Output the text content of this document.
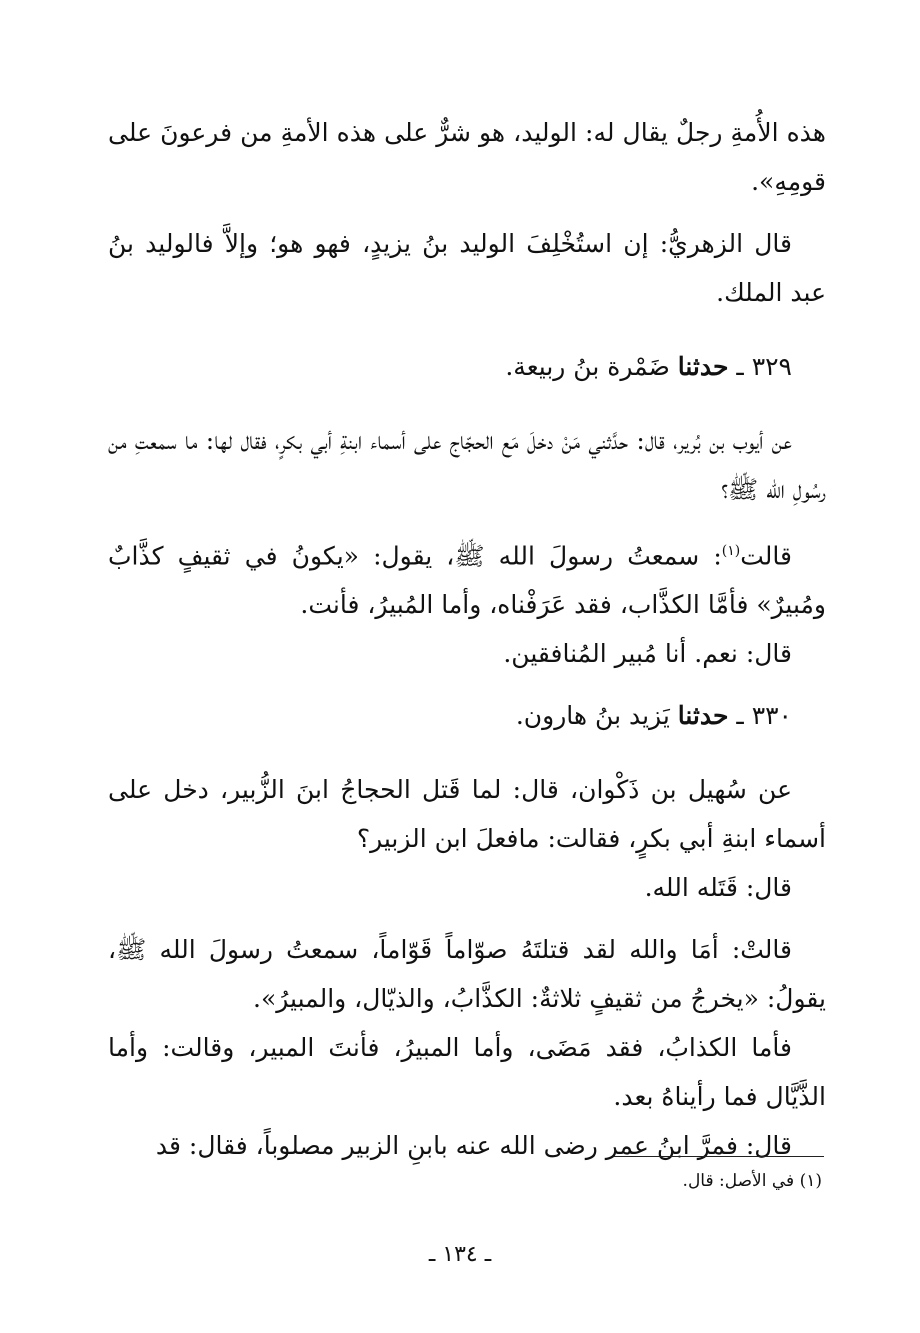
هذه الأُمةِ رجلٌ يقال له: الوليد، هو شرٌّ على هذه الأمةِ من فرعونَ على قومِهِ».

قال الزهريُّ: إن استُخْلِفَ الوليد بنُ يزيدٍ، فهو هو؛ وإلاَّ فالوليد بنُ عبد الملك.

٣٢٩ ـ حدثنا ضَمْرة بنُ ربيعة.

عن أيوب بن بُرير، قال: حدَّثني مَنْ دخلَ مَع الحجّاج على أسماء ابنةِ أبي بكرٍ، فقال لها: ما سمعتِ من رسُولِ الله ﷺ؟

قالت$^{(١)}$: سمعتُ رسولَ الله ﷺ، يقول: «يكونُ في ثقيفٍ كذَّابٌ ومُبيرٌ» فأمَّا الكذَّاب، فقد عَرَفْناه، وأما المُبيرُ، فأنت.

قال: نعم. أنا مُبير المُنافقين.

٣٣٠ ـ حدثنا يَزيد بنُ هارون.

عن سُهيل بن ذَكْوان، قال: لما قَتل الحجاجُ ابنَ الزُّبير، دخل على أسماء ابنةِ أبي بكرٍ، فقالت: مافعلَ ابن الزبير؟

قال: قَتَله الله.

قالتْ: أمَا والله لقد قتلتَهُ صوّاماً قَوّاماً، سمعتُ رسولَ الله ﷺ، يقولُ: «يخرجُ من ثقيفٍ ثلاثةٌ: الكذَّابُ، والذيّال، والمبيرُ».

فأما الكذابُ، فقد مَضَى، وأما المبيرُ، فأنتَ المبير، وقالت: وأما الذَّيَّال فما رأيناهُ بعد.

قال: فمرَّ ابنُ عمر رضى الله عنه بابنِ الزبير مصلوباً، فقال: قد

(١) في الأصل: قال.
ـ ١٣٤ ـ
